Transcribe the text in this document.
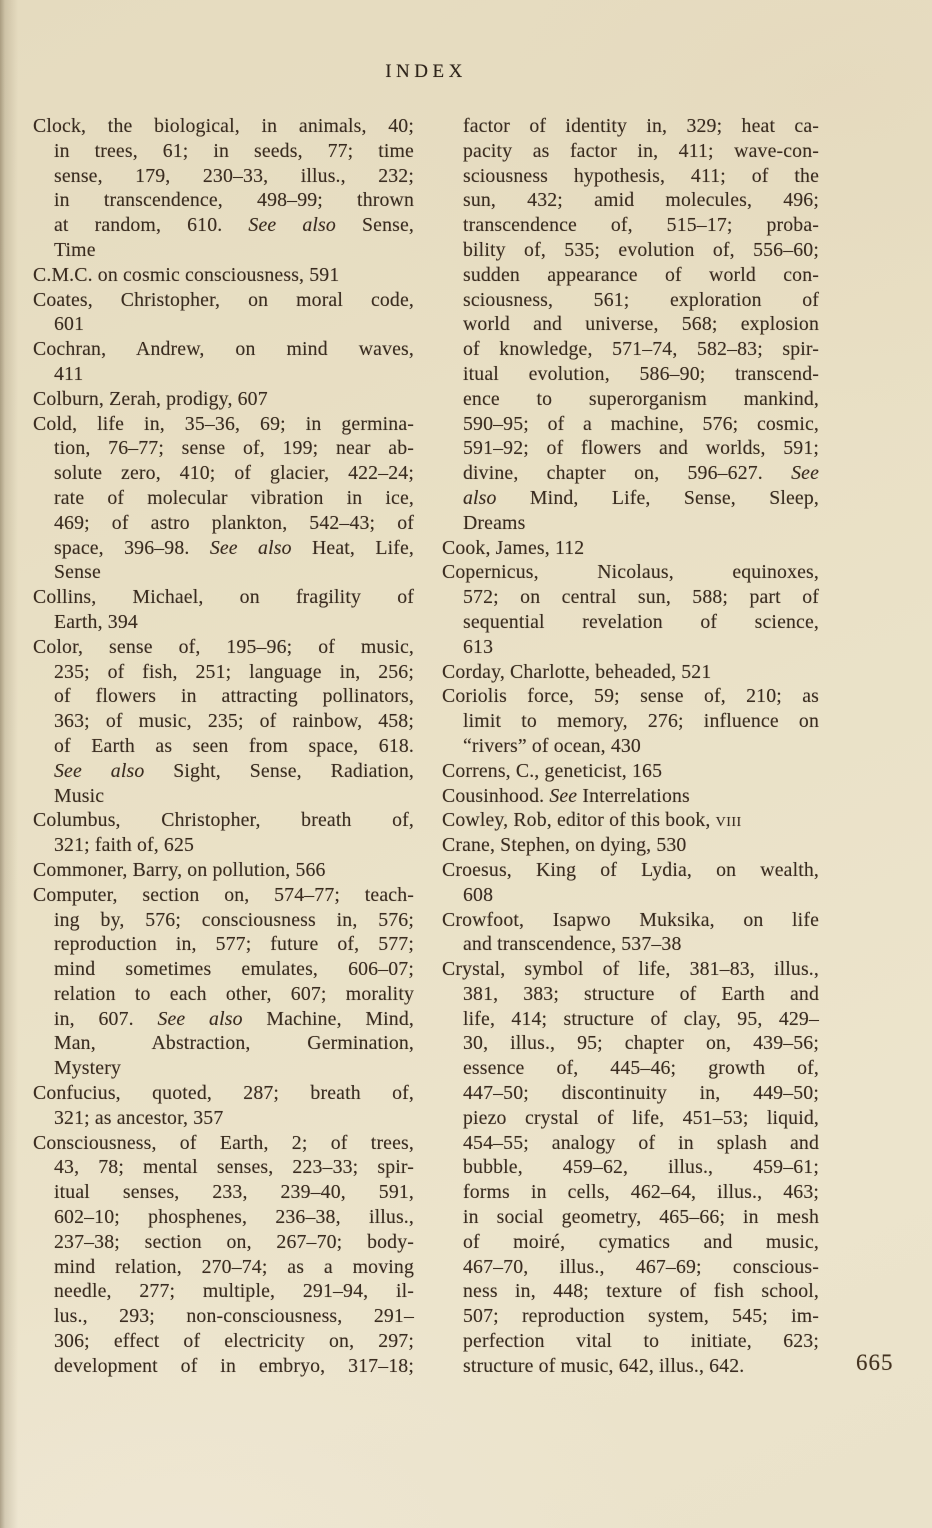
INDEX
Clock, the biological, in animals, 40;
in trees, 61; in seeds, 77; time
sense, 179, 230–33, illus., 232;
in transcendence, 498–99; thrown
at random, 610. See also Sense,
Time
C.M.C. on cosmic consciousness, 591
Coates, Christopher, on moral code,
601
Cochran, Andrew, on mind waves,
411
Colburn, Zerah, prodigy, 607
Cold, life in, 35–36, 69; in germina-
tion, 76–77; sense of, 199; near ab-
solute zero, 410; of glacier, 422–24;
rate of molecular vibration in ice,
469; of astro plankton, 542–43; of
space, 396–98. See also Heat, Life,
Sense
Collins, Michael, on fragility of
Earth, 394
Color, sense of, 195–96; of music,
235; of fish, 251; language in, 256;
of flowers in attracting pollinators,
363; of music, 235; of rainbow, 458;
of Earth as seen from space, 618.
See also Sight, Sense, Radiation,
Music
Columbus, Christopher, breath of,
321; faith of, 625
Commoner, Barry, on pollution, 566
Computer, section on, 574–77; teach-
ing by, 576; consciousness in, 576;
reproduction in, 577; future of, 577;
mind sometimes emulates, 606–07;
relation to each other, 607; morality
in, 607. See also Machine, Mind,
Man, Abstraction, Germination,
Mystery
Confucius, quoted, 287; breath of,
321; as ancestor, 357
Consciousness, of Earth, 2; of trees,
43, 78; mental senses, 223–33; spir-
itual senses, 233, 239–40, 591,
602–10; phosphenes, 236–38, illus.,
237–38; section on, 267–70; body-
mind relation, 270–74; as a moving
needle, 277; multiple, 291–94, il-
lus., 293; non-consciousness, 291–
306; effect of electricity on, 297;
development of in embryo, 317–18;
factor of identity in, 329; heat ca-
pacity as factor in, 411; wave-con-
sciousness hypothesis, 411; of the
sun, 432; amid molecules, 496;
transcendence of, 515–17; proba-
bility of, 535; evolution of, 556–60;
sudden appearance of world con-
sciousness, 561; exploration of
world and universe, 568; explosion
of knowledge, 571–74, 582–83; spir-
itual evolution, 586–90; transcend-
ence to superorganism mankind,
590–95; of a machine, 576; cosmic,
591–92; of flowers and worlds, 591;
divine, chapter on, 596–627. See
also Mind, Life, Sense, Sleep,
Dreams
Cook, James, 112
Copernicus, Nicolaus, equinoxes,
572; on central sun, 588; part of
sequential revelation of science,
613
Corday, Charlotte, beheaded, 521
Coriolis force, 59; sense of, 210; as
limit to memory, 276; influence on
“rivers” of ocean, 430
Correns, C., geneticist, 165
Cousinhood. See Interrelations
Cowley, Rob, editor of this book, viii
Crane, Stephen, on dying, 530
Croesus, King of Lydia, on wealth,
608
Crowfoot, Isapwo Muksika, on life
and transcendence, 537–38
Crystal, symbol of life, 381–83, illus.,
381, 383; structure of Earth and
life, 414; structure of clay, 95, 429–
30, illus., 95; chapter on, 439–56;
essence of, 445–46; growth of,
447–50; discontinuity in, 449–50;
piezo crystal of life, 451–53; liquid,
454–55; analogy of in splash and
bubble, 459–62, illus., 459–61;
forms in cells, 462–64, illus., 463;
in social geometry, 465–66; in mesh
of moiré, cymatics and music,
467–70, illus., 467–69; conscious-
ness in, 448; texture of fish school,
507; reproduction system, 545; im-
perfection vital to initiate, 623;
structure of music, 642, illus., 642.	665
